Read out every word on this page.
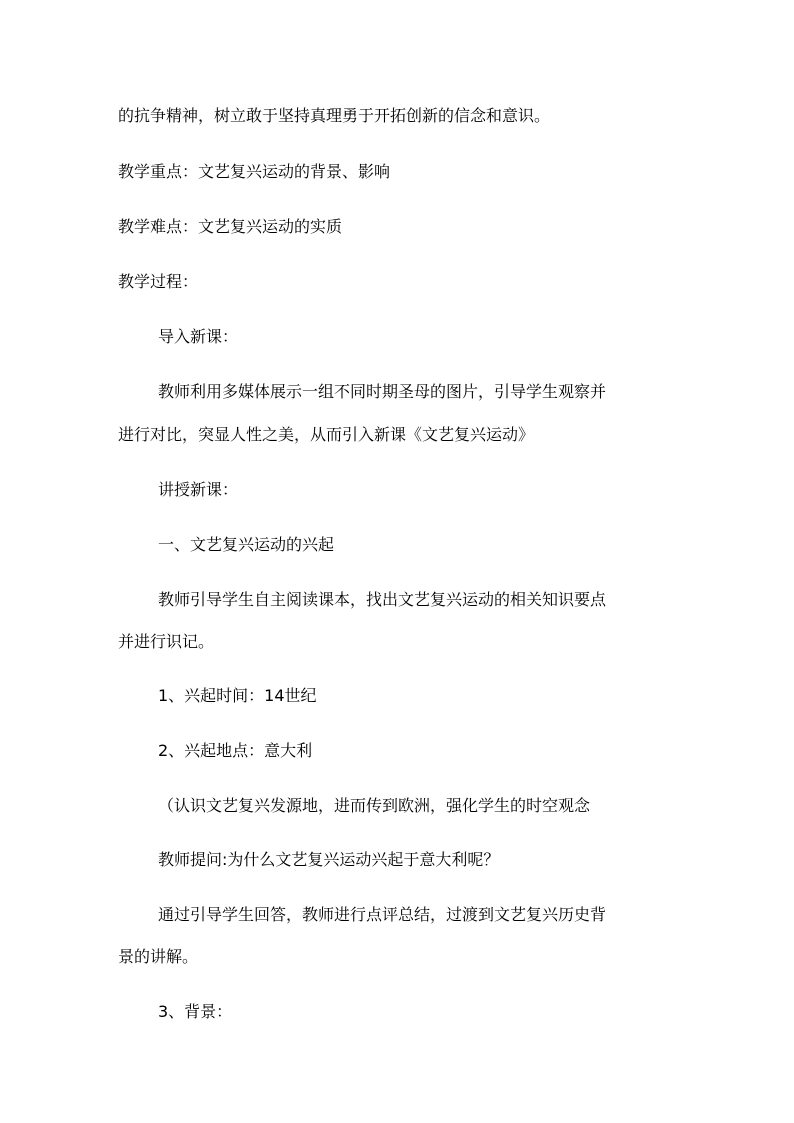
的抗争精神，树立敢于坚持真理勇于开拓创新的信念和意识。
教学重点：文艺复兴运动的背景、影响
教学难点：文艺复兴运动的实质
教学过程：
导入新课：
教师利用多媒体展示一组不同时期圣母的图片，引导学生观察并
进行对比，突显人性之美，从而引入新课《文艺复兴运动》
讲授新课：
一、文艺复兴运动的兴起
教师引导学生自主阅读课本，找出文艺复兴运动的相关知识要点
并进行识记。
1、兴起时间：14世纪
2、兴起地点：意大利
（认识文艺复兴发源地，进而传到欧洲，强化学生的时空观念
教师提问:为什么文艺复兴运动兴起于意大利呢？
通过引导学生回答，教师进行点评总结，过渡到文艺复兴历史背
景的讲解。
3、背景：
